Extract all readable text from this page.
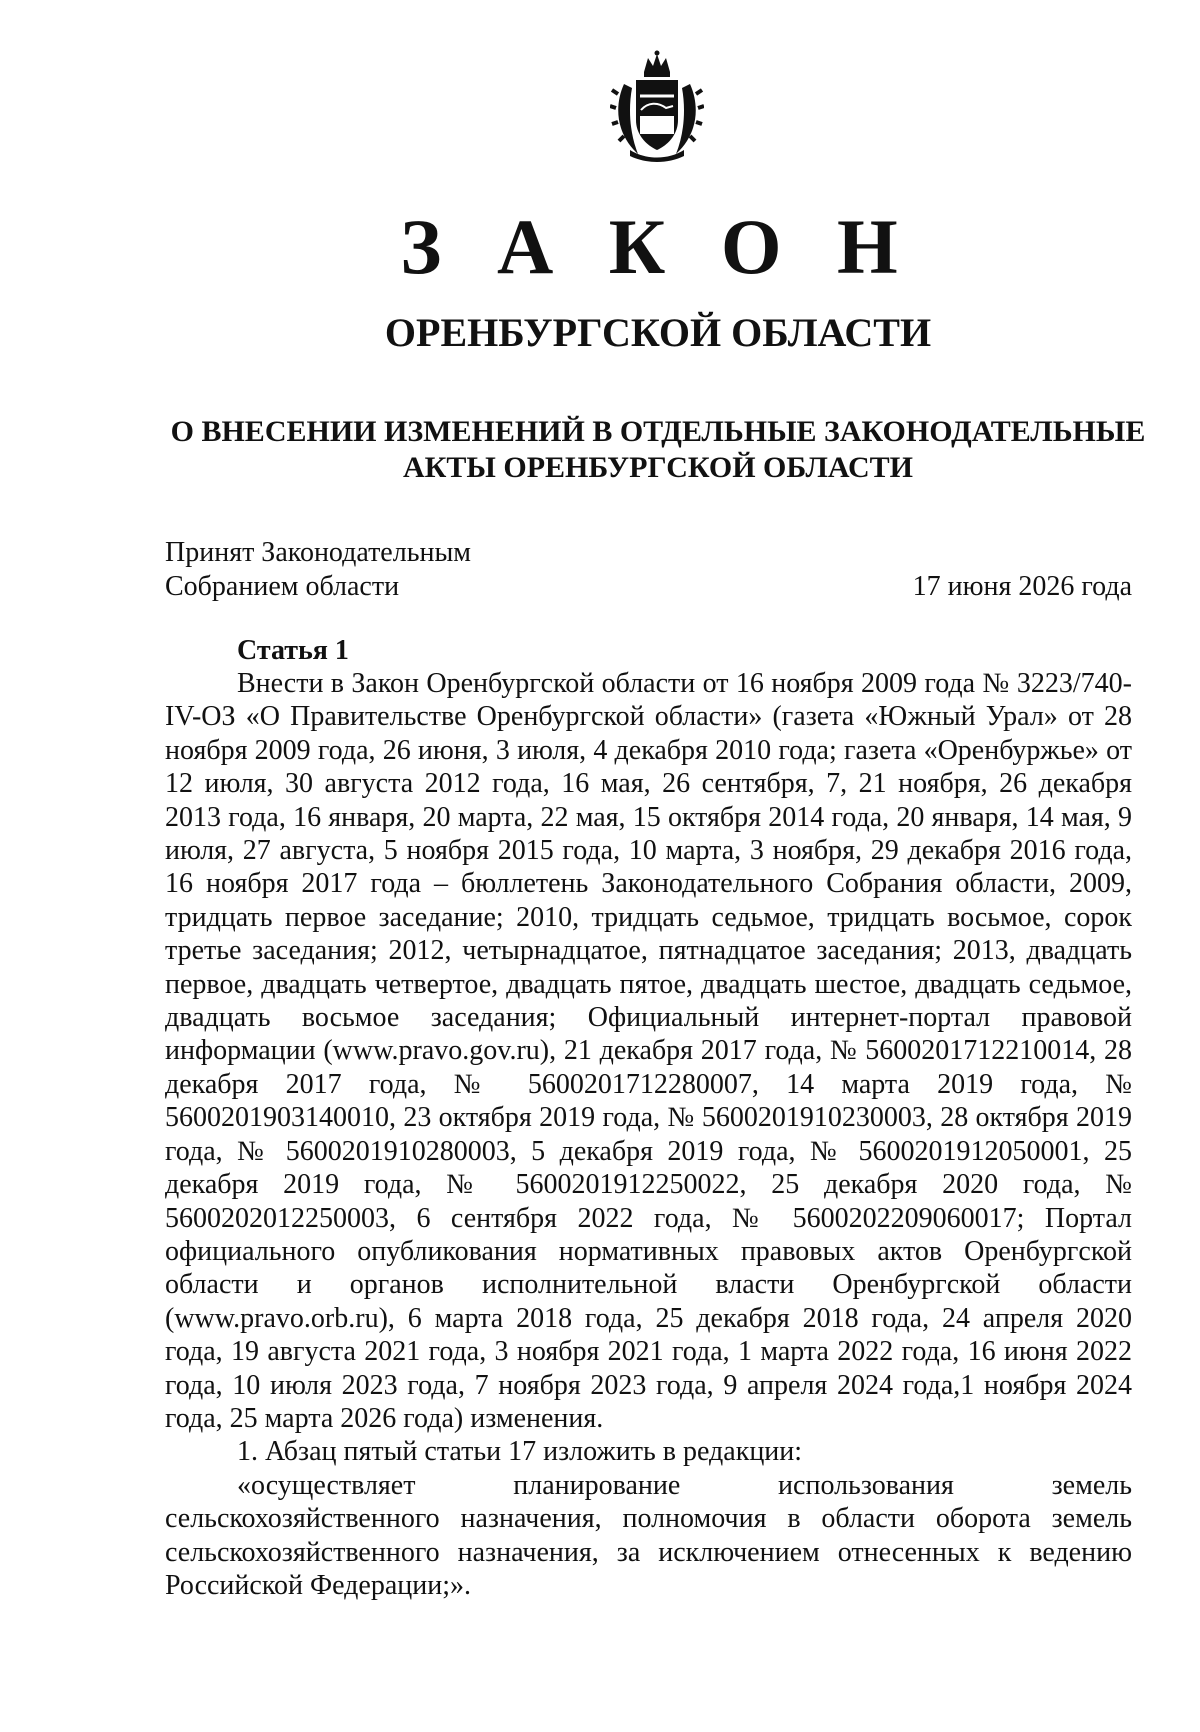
З А К О Н
ОРЕНБУРГСКОЙ ОБЛАСТИ
О ВНЕСЕНИИ ИЗМЕНЕНИЙ В ОТДЕЛЬНЫЕ ЗАКОНОДАТЕЛЬНЫЕ АКТЫ ОРЕНБУРГСКОЙ ОБЛАСТИ
Принят Законодательным
Собранием области	17 июня 2026 года
Статья 1

Внести в Закон Оренбургской области от 16 ноября 2009 года № 3223/740-IV-ОЗ «О Правительстве Оренбургской области» (газета «Южный Урал» от 28 ноября 2009 года, 26 июня, 3 июля, 4 декабря 2010 года; газета «Оренбуржье» от 12 июля, 30 августа 2012 года, 16 мая, 26 сентября, 7, 21 ноября, 26 декабря 2013 года, 16 января, 20 марта, 22 мая, 15 октября 2014 года, 20 января, 14 мая, 9 июля, 27 августа, 5 ноября 2015 года, 10 марта, 3 ноября, 29 декабря 2016 года, 16 ноября 2017 года – бюллетень Законодательного Собрания области, 2009, тридцать первое заседание; 2010, тридцать седьмое, тридцать восьмое, сорок третье заседания; 2012, четырнадцатое, пятнадцатое заседания; 2013, двадцать первое, двадцать четвертое, двадцать пятое, двадцать шестое, двадцать седьмое, двадцать восьмое заседания; Официальный интернет-портал правовой информации (www.pravo.gov.ru), 21 декабря 2017 года, № 5600201712210014, 28 декабря 2017 года, № 5600201712280007, 14 марта 2019 года, № 5600201903140010, 23 октября 2019 года, № 5600201910230003, 28 октября 2019 года, № 5600201910280003, 5 декабря 2019 года, № 5600201912050001, 25 декабря 2019 года, № 5600201912250022, 25 декабря 2020 года, № 5600202012250003, 6 сентября 2022 года, № 5600202209060017; Портал официального опубликования нормативных правовых актов Оренбургской области и органов исполнительной власти Оренбургской области (www.pravo.orb.ru), 6 марта 2018 года, 25 декабря 2018 года, 24 апреля 2020 года, 19 августа 2021 года, 3 ноября 2021 года, 1 марта 2022 года, 16 июня 2022 года, 10 июля 2023 года, 7 ноября 2023 года, 9 апреля 2024 года,1 ноября 2024 года, 25 марта 2026 года) изменения.

1. Абзац пятый статьи 17 изложить в редакции:

«осуществляет планирование использования земель сельскохозяйственного назначения, полномочия в области оборота земель сельскохозяйственного назначения, за исключением отнесенных к ведению Российской Федерации;».
